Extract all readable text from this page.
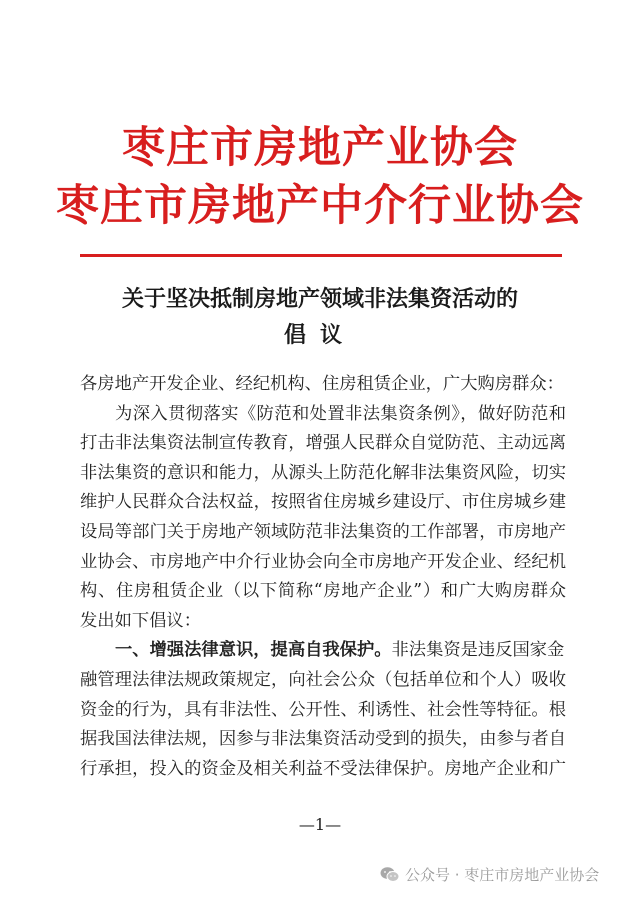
枣庄市房地产业协会
枣庄市房地产中介行业协会
关于坚决抵制房地产领域非法集资活动的
倡议
各房地产开发企业、经纪机构、住房租赁企业，广大购房群众：
为深入贯彻落实《防范和处置非法集资条例》，做好防范和
打击非法集资法制宣传教育，增强人民群众自觉防范、主动远离
非法集资的意识和能力，从源头上防范化解非法集资风险，切实
维护人民群众合法权益，按照省住房城乡建设厅、市住房城乡建
设局等部门关于房地产领域防范非法集资的工作部署，市房地产
业协会、市房地产中介行业协会向全市房地产开发企业、经纪机
构、住房租赁企业（以下简称“房地产企业”）和广大购房群众
发出如下倡议：
一、增强法律意识，提高自我保护。非法集资是违反国家金
融管理法律法规政策规定，向社会公众（包括单位和个人）吸收
资金的行为，具有非法性、公开性、利诱性、社会性等特征。根
据我国法律法规，因参与非法集资活动受到的损失，由参与者自
行承担，投入的资金及相关利益不受法律保护。房地产企业和广
—1—
公众号 · 枣庄市房地产业协会
